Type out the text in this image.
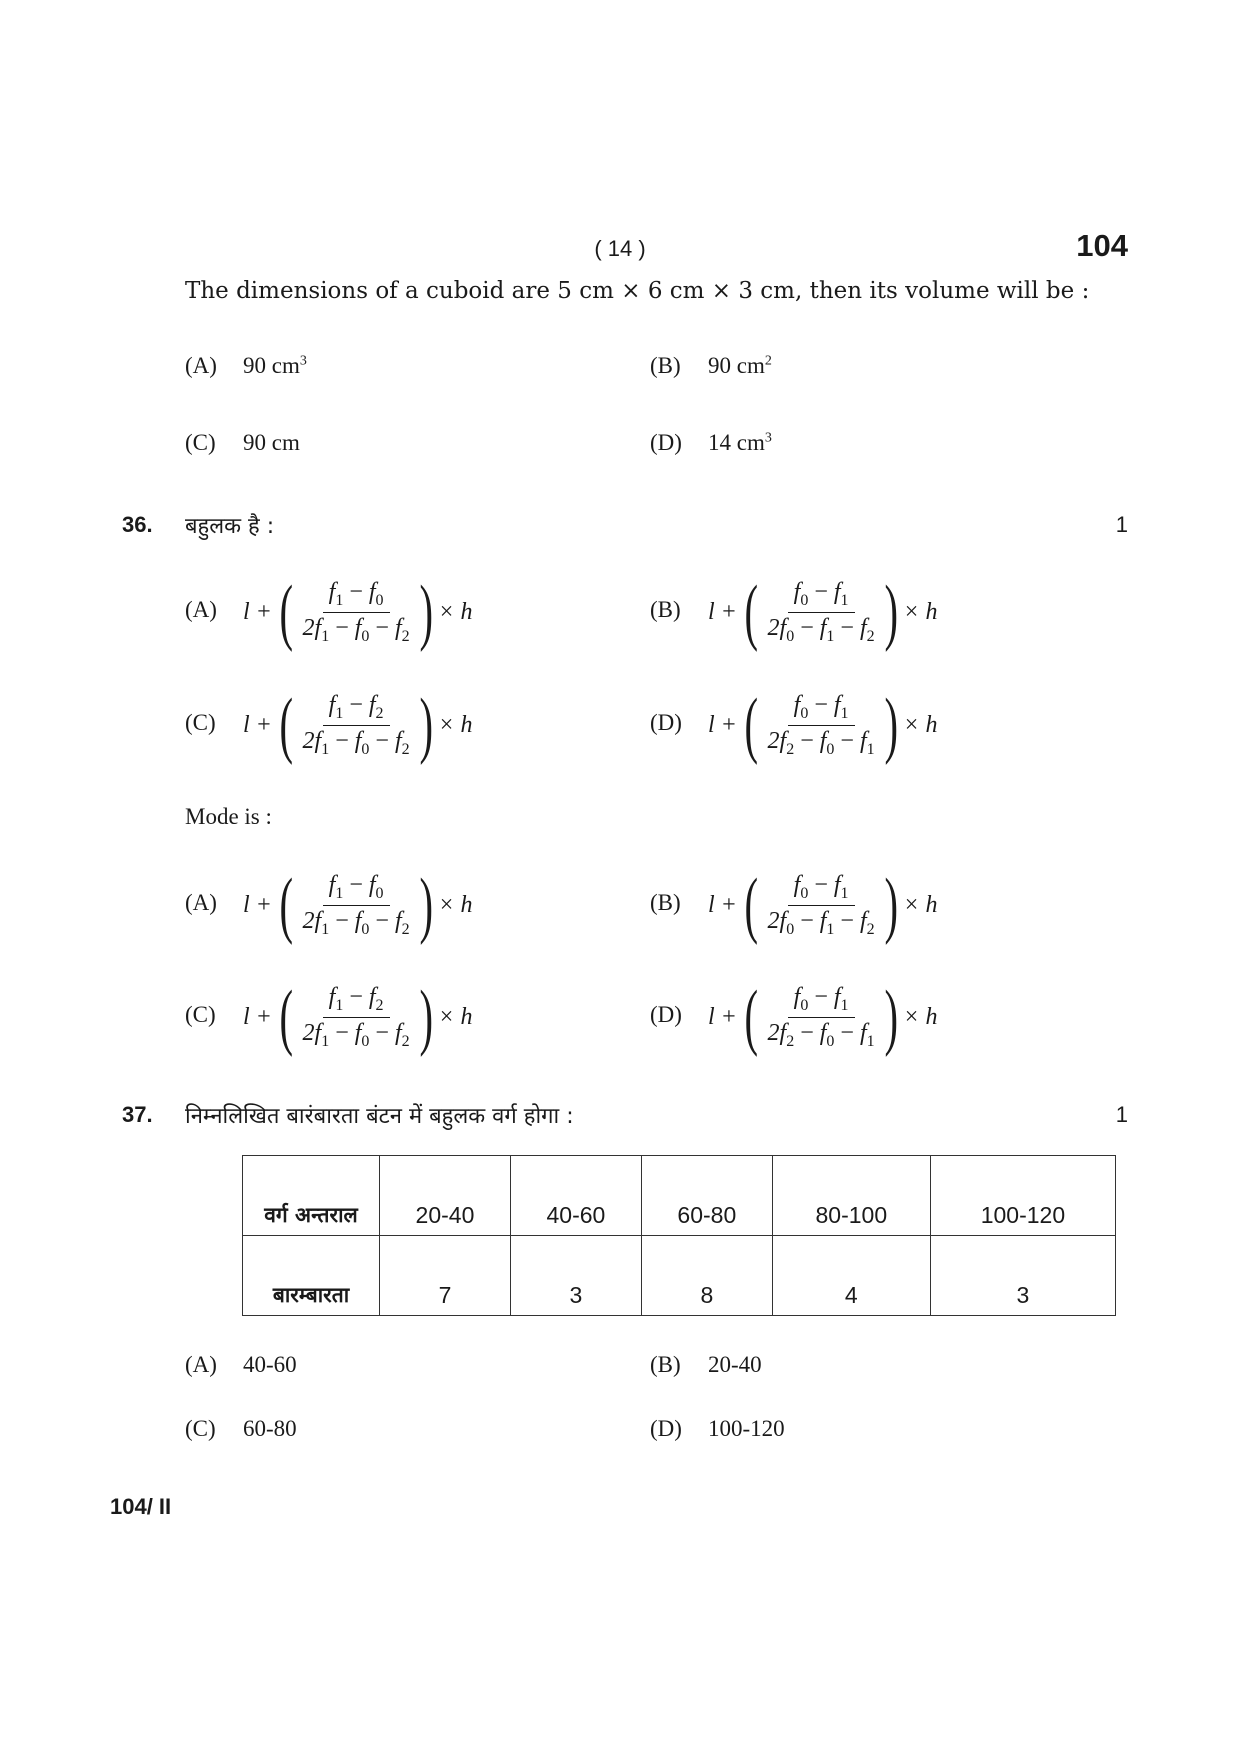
( 14 )	104
The dimensions of a cuboid are 5 cm × 6 cm × 3 cm, then its volume will be :
(A) 90 $cm^3$	(B) 90 $cm^2$
(C) 90 cm	(D) 14 $cm^3$
36. बहुलक है :	1
(A) l + ( $\frac{f_1 - f_0}{2f_1 - f_0 - f_2}$ ) × h	(B) l + ( $\frac{f_0 - f_1}{2f_0 - f_1 - f_2}$ ) × h
(C) l + ( $\frac{f_1 - f_2}{2f_1 - f_0 - f_2}$ ) × h	(D) l + ( $\frac{f_0 - f_1}{2f_2 - f_0 - f_1}$ ) × h
Mode is :
(A) l + ( $\frac{f_1 - f_0}{2f_1 - f_0 - f_2}$ ) × h	(B) l + ( $\frac{f_0 - f_1}{2f_0 - f_1 - f_2}$ ) × h
(C) l + ( $\frac{f_1 - f_2}{2f_1 - f_0 - f_2}$ ) × h	(D) l + ( $\frac{f_0 - f_1}{2f_2 - f_0 - f_1}$ ) × h
37. निम्नलिखित बारंबारता बंटन में बहुलक वर्ग होगा :	1
वर्ग अन्तराल	20-40	40-60	60-80	80-100	100-120
बारम्बारता	7	3	8	4	3
(A) 40-60	(B) 20-40
(C) 60-80	(D) 100-120
104/ II
